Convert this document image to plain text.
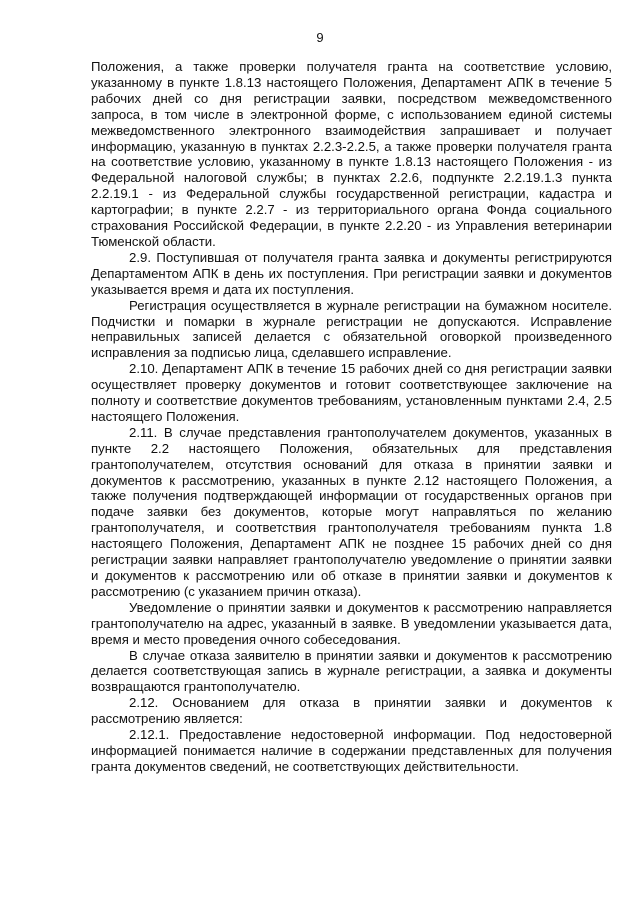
9

Положения, а также проверки получателя гранта на соответствие условию, указанному в пункте 1.8.13 настоящего Положения, Департамент АПК в течение 5 рабочих дней со дня регистрации заявки, посредством межведомственного запроса, в том числе в электронной форме, с использованием единой системы межведомственного электронного взаимодействия запрашивает и получает информацию, указанную в пунктах 2.2.3-2.2.5, а также проверки получателя гранта на соответствие условию, указанному в пункте 1.8.13 настоящего Положения - из Федеральной налоговой службы; в пунктах 2.2.6, подпункте 2.2.19.1.3 пункта 2.2.19.1 - из Федеральной службы государственной регистрации, кадастра и картографии; в пункте 2.2.7 - из территориального органа Фонда социального страхования Российской Федерации, в пункте 2.2.20 - из Управления ветеринарии Тюменской области.

2.9. Поступившая от получателя гранта заявка и документы регистрируются Департаментом АПК в день их поступления. При регистрации заявки и документов указывается время и дата их поступления.

Регистрация осуществляется в журнале регистрации на бумажном носителе. Подчистки и помарки в журнале регистрации не допускаются. Исправление неправильных записей делается с обязательной оговоркой произведенного исправления за подписью лица, сделавшего исправление.

2.10. Департамент АПК в течение 15 рабочих дней со дня регистрации заявки осуществляет проверку документов и готовит соответствующее заключение на полноту и соответствие документов требованиям, установленным пунктами 2.4, 2.5 настоящего Положения.

2.11. В случае представления грантополучателем документов, указанных в пункте 2.2 настоящего Положения, обязательных для представления грантополучателем, отсутствия оснований для отказа в принятии заявки и документов к рассмотрению, указанных в пункте 2.12 настоящего Положения, а также получения подтверждающей информации от государственных органов при подаче заявки без документов, которые могут направляться по желанию грантополучателя, и соответствия грантополучателя требованиям пункта 1.8 настоящего Положения, Департамент АПК не позднее 15 рабочих дней со дня регистрации заявки направляет грантополучателю уведомление о принятии заявки и документов к рассмотрению или об отказе в принятии заявки и документов к рассмотрению (с указанием причин отказа).

Уведомление о принятии заявки и документов к рассмотрению направляется грантополучателю на адрес, указанный в заявке. В уведомлении указывается дата, время и место проведения очного собеседования.

В случае отказа заявителю в принятии заявки и документов к рассмотрению делается соответствующая запись в журнале регистрации, а заявка и документы возвращаются грантополучателю.

2.12. Основанием для отказа в принятии заявки и документов к рассмотрению является:

2.12.1. Предоставление недостоверной информации. Под недостоверной информацией понимается наличие в содержании представленных для получения гранта документов сведений, не соответствующих действительности.
